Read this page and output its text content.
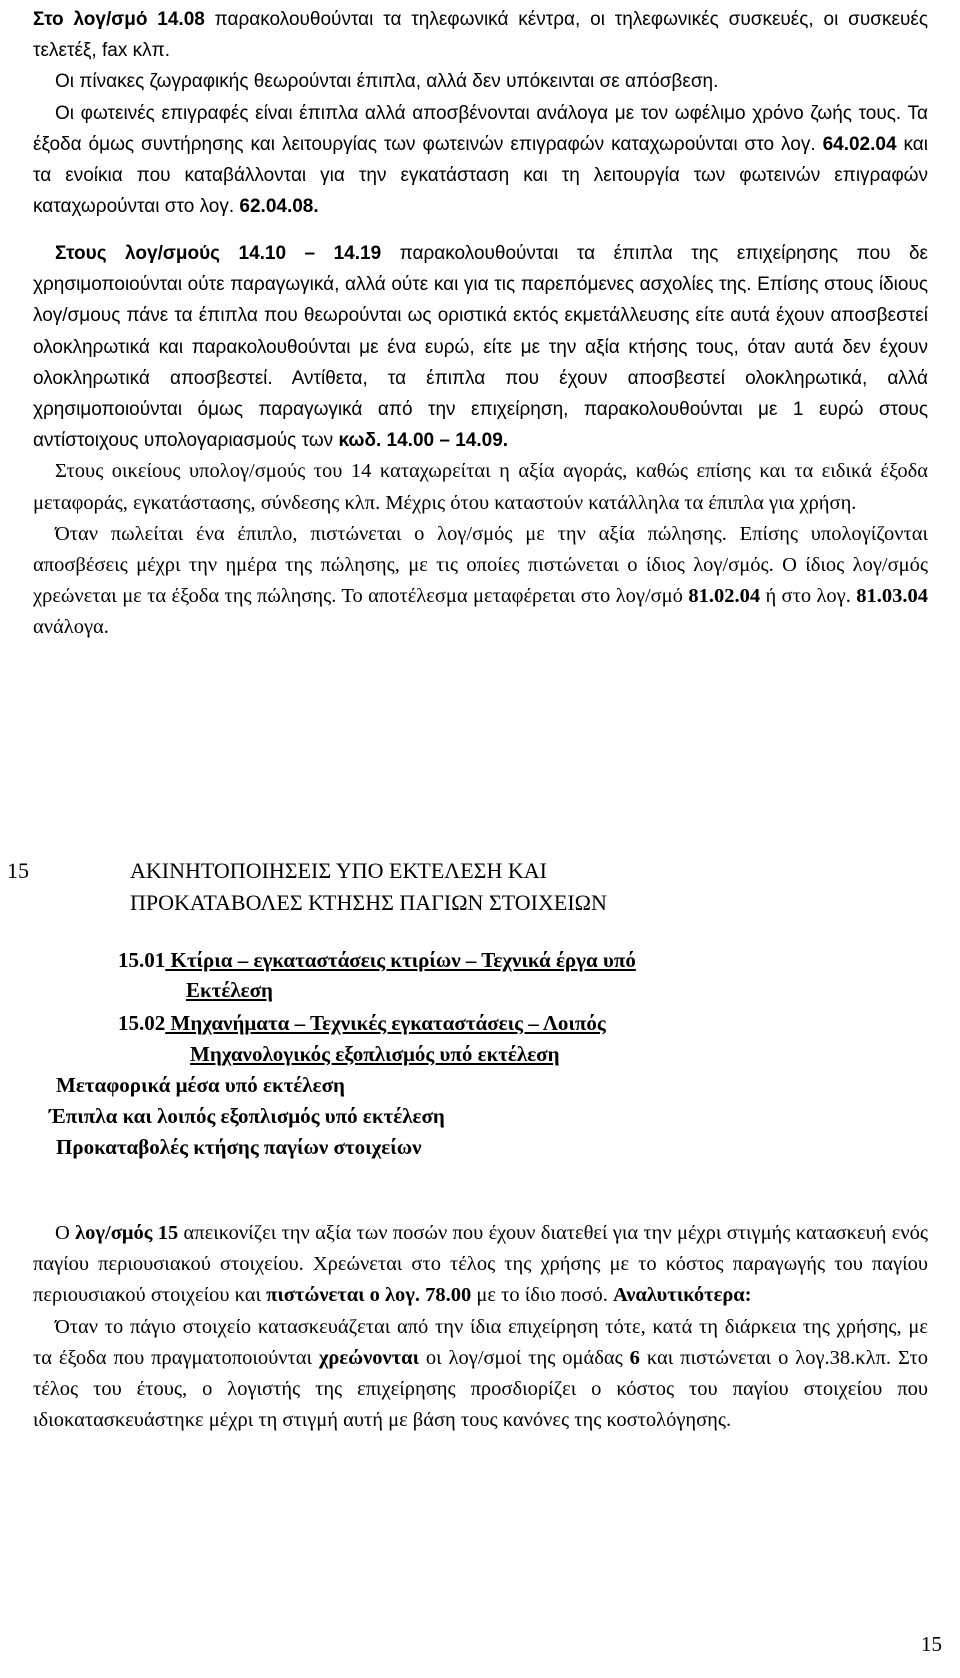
Στο λογ/σμό 14.08 παρακολουθούνται τα τηλεφωνικά κέντρα, οι τηλεφωνικές συσκευές, οι συσκευές τελετέξ, fax κλπ.

Οι πίνακες ζωγραφικής θεωρούνται έπιπλα, αλλά δεν υπόκεινται σε απόσβεση.

Οι φωτεινές επιγραφές είναι έπιπλα αλλά αποσβένονται ανάλογα με τον ωφέλιμο χρόνο ζωής τους. Τα έξοδα όμως συντήρησης και λειτουργίας των φωτεινών επιγραφών καταχωρούνται στο λογ. 64.02.04 και τα ενοίκια που καταβάλλονται για την εγκατάσταση και τη λειτουργία των φωτεινών επιγραφών καταχωρούνται στο λογ. 62.04.08.

Στους λογ/σμούς 14.10 – 14.19 παρακολουθούνται τα έπιπλα της επιχείρησης που δε χρησιμοποιούνται ούτε παραγωγικά, αλλά ούτε και για τις παρεπόμενες ασχολίες της. Επίσης στους ίδιους λογ/σμους πάνε τα έπιπλα που θεωρούνται ως οριστικά εκτός εκμετάλλευσης είτε αυτά έχουν αποσβεστεί ολοκληρωτικά και παρακολουθούνται με ένα ευρώ, είτε με την αξία κτήσης τους, όταν αυτά δεν έχουν ολοκληρωτικά αποσβεστεί. Αντίθετα, τα έπιπλα που έχουν αποσβεστεί ολοκληρωτικά, αλλά χρησιμοποιούνται όμως παραγωγικά από την επιχείρηση, παρακολουθούνται με 1 ευρώ στους αντίστοιχους υπολογαριασμούς των κωδ. 14.00 – 14.09.

Στους οικείους υπολογ/σμούς του 14 καταχωρείται η αξία αγοράς, καθώς επίσης και τα ειδικά έξοδα μεταφοράς, εγκατάστασης, σύνδεσης κλπ. Μέχρις ότου καταστούν κατάλληλα τα έπιπλα για χρήση.

Όταν πωλείται ένα έπιπλο, πιστώνεται ο λογ/σμός με την αξία πώλησης. Επίσης υπολογίζονται αποσβέσεις μέχρι την ημέρα της πώλησης, με τις οποίες πιστώνεται ο ίδιος λογ/σμός. Ο ίδιος λογ/σμός χρεώνεται με τα έξοδα της πώλησης. Το αποτέλεσμα μεταφέρεται στο λογ/σμό 81.02.04 ή στο λογ. 81.03.04 ανάλογα.

15	ΑΚΙΝΗΤΟΠΟΙΗΣΕΙΣ ΥΠΟ ΕΚΤΕΛΕΣΗ ΚΑΙ
ΠΡΟΚΑΤΑΒΟΛΕΣ ΚΤΗΣΗΣ ΠΑΓΙΩΝ ΣΤΟΙΧΕΙΩΝ
15.01 Κτίρια – εγκαταστάσεις κτιρίων – Τεχνικά έργα υπό
Εκτέλεση
15.02 Μηχανήματα – Τεχνικές εγκαταστάσεις – Λοιπός
Μηχανολογικός εξοπλισμός υπό εκτέλεση
Μεταφορικά μέσα υπό εκτέλεση
Έπιπλα και λοιπός εξοπλισμός υπό εκτέλεση
Προκαταβολές κτήσης παγίων στοιχείων

Ο λογ/σμός 15 απεικονίζει την αξία των ποσών που έχουν διατεθεί για την μέχρι στιγμής κατασκευή ενός παγίου περιουσιακού στοιχείου. Χρεώνεται στο τέλος της χρήσης με το κόστος παραγωγής του παγίου περιουσιακού στοιχείου και πιστώνεται ο λογ. 78.00 με το ίδιο ποσό. Αναλυτικότερα:

Όταν το πάγιο στοιχείο κατασκευάζεται από την ίδια επιχείρηση τότε, κατά τη διάρκεια της χρήσης, με τα έξοδα που πραγματοποιούνται χρεώνονται οι λογ/σμοί της ομάδας 6 και πιστώνεται ο λογ.38.κλπ. Στο τέλος του έτους, ο λογιστής της επιχείρησης προσδιορίζει ο κόστος του παγίου στοιχείου που ιδιοκατασκευάστηκε μέχρι τη στιγμή αυτή με βάση τους κανόνες της κοστολόγησης.

15
